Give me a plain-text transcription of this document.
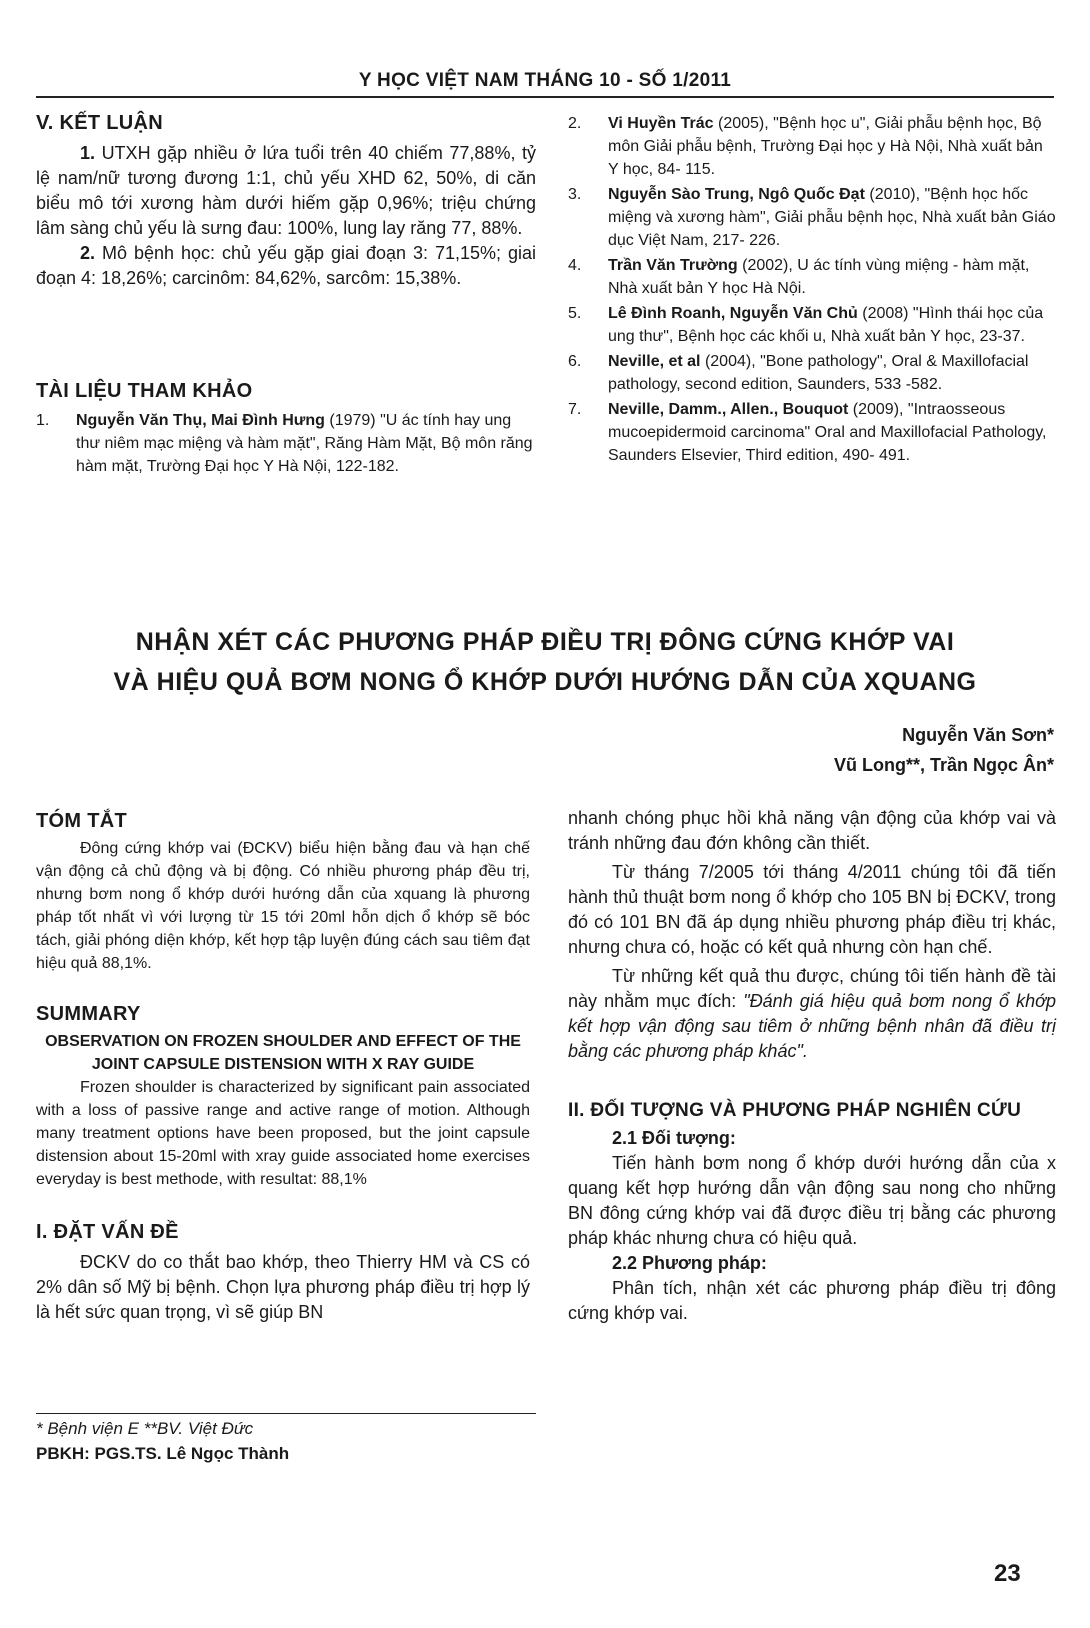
Y HỌC VIỆT NAM THÁNG 10 - SỐ 1/2011
V. KẾT LUẬN

1. UTXH gặp nhiều ở lứa tuổi trên 40 chiếm 77,88%, tỷ lệ nam/nữ tương đương 1:1, chủ yếu XHD 62, 50%, di căn biểu mô tới xương hàm dưới hiếm gặp 0,96%; triệu chứng lâm sàng chủ yếu là sưng đau: 100%, lung lay răng 77, 88%.

2. Mô bệnh học: chủ yếu gặp giai đoạn 3: 71,15%; giai đoạn 4: 18,26%; carcinôm: 84,62%, sarcôm: 15,38%.

TÀI LIỆU THAM KHẢO
1. Nguyễn Văn Thụ, Mai Đình Hưng (1979) "U ác tính hay ung thư niêm mạc miệng và hàm mặt", Răng Hàm Mặt, Bộ môn răng hàm mặt, Trường Đại học Y Hà Nội, 122-182.
2. Vi Huyền Trác (2005), "Bệnh học u", Giải phẫu bệnh học, Bộ môn Giải phẫu bệnh, Trường Đại học y Hà Nội, Nhà xuất bản Y học, 84- 115.
3. Nguyễn Sào Trung, Ngô Quốc Đạt (2010), "Bệnh học hốc miệng và xương hàm", Giải phẫu bệnh học, Nhà xuất bản Giáo dục Việt Nam, 217- 226.
4. Trần Văn Trường (2002), U ác tính vùng miệng - hàm mặt, Nhà xuất bản Y học Hà Nội.
5. Lê Đình Roanh, Nguyễn Văn Chủ (2008) "Hình thái học của ung thư", Bệnh học các khối u, Nhà xuất bản Y học, 23-37.
6. Neville, et al (2004), "Bone pathology", Oral & Maxillofacial pathology, second edition, Saunders, 533 -582.
7. Neville, Damm., Allen., Bouquot (2009), "Intraosseous mucoepidermoid carcinoma" Oral and Maxillofacial Pathology, Saunders Elsevier, Third edition, 490- 491.
NHẬN XÉT CÁC PHƯƠNG PHÁP ĐIỀU TRỊ ĐÔNG CỨNG KHỚP VAI
VÀ HIỆU QUẢ BƠM NONG Ổ KHỚP DƯỚI HƯỚNG DẪN CỦA XQUANG
Nguyễn Văn Sơn*
Vũ Long**, Trần Ngọc Ân*
TÓM TẮT

Đông cứng khớp vai (ĐCKV) biểu hiện bằng đau và hạn chế vận động cả chủ động và bị động. Có nhiều phương pháp đều trị, nhưng bơm nong ổ khớp dưới hướng dẫn của xquang là phương pháp tốt nhất vì với lượng từ 15 tới 20ml hỗn dịch ổ khớp sẽ bóc tách, giải phóng diện khớp, kết hợp tập luyện đúng cách sau tiêm đạt hiệu quả 88,1%.

SUMMARY

OBSERVATION ON FROZEN SHOULDER AND EFFECT OF THE JOINT CAPSULE DISTENSION WITH X RAY GUIDE

Frozen shoulder is characterized by significant pain associated with a loss of passive range and active range of motion. Although many treatment options have been proposed, but the joint capsule distension about 15-20ml with xray guide associated home exercises everyday is best methode, with resultat: 88,1%

I. ĐẶT VẤN ĐỀ

ĐCKV do co thắt bao khớp, theo Thierry HM và CS có 2% dân số Mỹ bị bệnh. Chọn lựa phương pháp điều trị hợp lý là hết sức quan trọng, vì sẽ giúp BN

nhanh chóng phục hồi khả năng vận động của khớp vai và tránh những đau đớn không cần thiết.

Từ tháng 7/2005 tới tháng 4/2011 chúng tôi đã tiến hành thủ thuật bơm nong ổ khớp cho 105 BN bị ĐCKV, trong đó có 101 BN đã áp dụng nhiều phương pháp điều trị khác, nhưng chưa có, hoặc có kết quả nhưng còn hạn chế.

Từ những kết quả thu được, chúng tôi tiến hành đề tài này nhằm mục đích: "Đánh giá hiệu quả bơm nong ổ khớp kết hợp vận động sau tiêm ở những bệnh nhân đã điều trị bằng các phương pháp khác".

II. ĐỐI TƯỢNG VÀ PHƯƠNG PHÁP NGHIÊN CỨU

2.1 Đối tượng:

Tiến hành bơm nong ổ khớp dưới hướng dẫn của x quang kết hợp hướng dẫn vận động sau nong cho những BN đông cứng khớp vai đã được điều trị bằng các phương pháp khác nhưng chưa có hiệu quả.

2.2 Phương pháp:

Phân tích, nhận xét các phương pháp điều trị đông cứng khớp vai.

* Bệnh viện E **BV. Việt Đức
PBKH: PGS.TS. Lê Ngọc Thành
23
